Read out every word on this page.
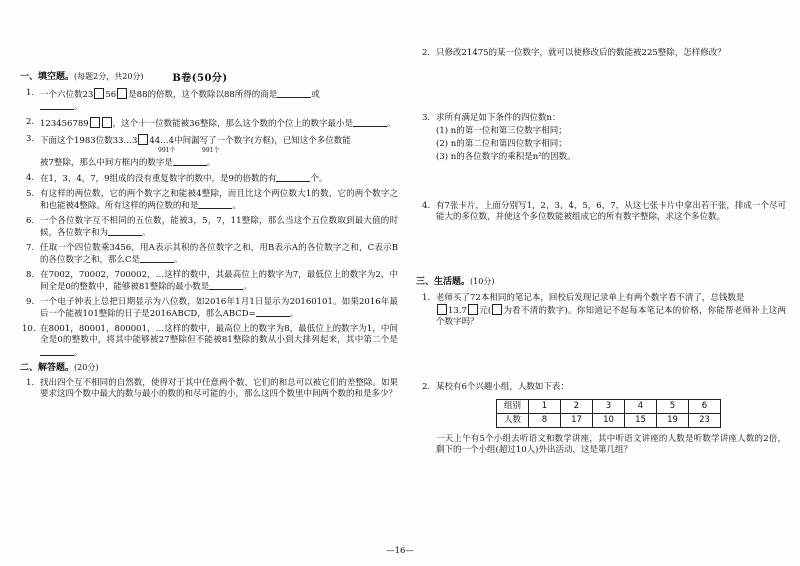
B卷(50分)
一、填空题。(每题2分，共20分)
1. 一个六位数23 56 是88的倍数，这个数除以88所得的商是	或
。
2. 123456789	，这个十一位数能被36整除，那么这个数的个位上的数字最小是	。
3. 下面这个1983位数33…3 44…4中间漏写了一个数字(方框)，已知这个多位数能
991个	991个
被7整除，那么中间方框内的数字是	。
4. 在1，3，4，7，9组成的没有重复数字的数中，是9的倍数的有	个。
5. 有这样的两位数，它的两个数字之和能被4整除，而且比这个两位数大1的数，它的两个数字之和也能被4整除。所有这样的两位数的和是	。
6. 一个各位数字互不相同的五位数，能被3，5，7，11整除，那么当这个五位数取到最大值的时候，各位数字和为	。
7. 任取一个四位数乘3456，用A表示其积的各位数字之和，用B表示A的各位数字之和，C表示B的各位数字之和，那么C是	。
8. 在7002，70002，700002，…这样的数中，其最高位上的数字为7，最低位上的数字为2，中间全是0的整数中，能够被81整除的最小数是	。
9. 一个电子钟表上总把日期显示为八位数，如2016年1月1日显示为20160101。如果2016年最后一个能被101整除的日子是2016ABCD，那么ABCD=	。
10. 在8001，80001，800001，…这样的数中，最高位上的数字为8，最低位上的数字为1，中间全是0的整数中，将其中能够被27整除但不能被81整除的数从小到大排列起来，其中第二个是。
二、解答题。(20分)
1. 找出四个互不相同的自然数，使得对于其中任意两个数，它们的和总可以被它们的差整除。如果要求这四个数中最大的数与最小的数的和尽可能的小，那么这四个数里中间两个数的和是多少？
2. 只修改21475的某一位数字，就可以使修改后的数能被225整除，怎样修改？
3. 求所有满足如下条件的四位数n：
(1) n的第一位和第三位数字相同；
(2) n的第二位和第四位数字相同；
(3) n的各位数字的乘积是n²的因数。
4. 有7张卡片，上面分别写1，2，3，4，5，6，7，从这七张卡片中拿出若干张，排成一个尽可能大的多位数，并使这个多位数能被组成它的所有数字整除，求这个多位数。
三、生活题。(10分)
1. 老师买了72本相同的笔记本，回校后发现记录单上有两个数字看不清了，总钱数是
13.7 元( 为看不清的数字)。你知道记不起每本笔记本的价格，你能帮老师补上这两个数字吗？
2. 某校有6个兴趣小组，人数如下表：
组别	1	2	3	4	5	6
人数	8	17	10	15	19	23
一天上午有5个小组去听语文和数学讲座，其中听语文讲座的人数是听数学讲座人数的2倍，剩下的一个小组(超过10人)外出活动，这是第几组？
—16—
